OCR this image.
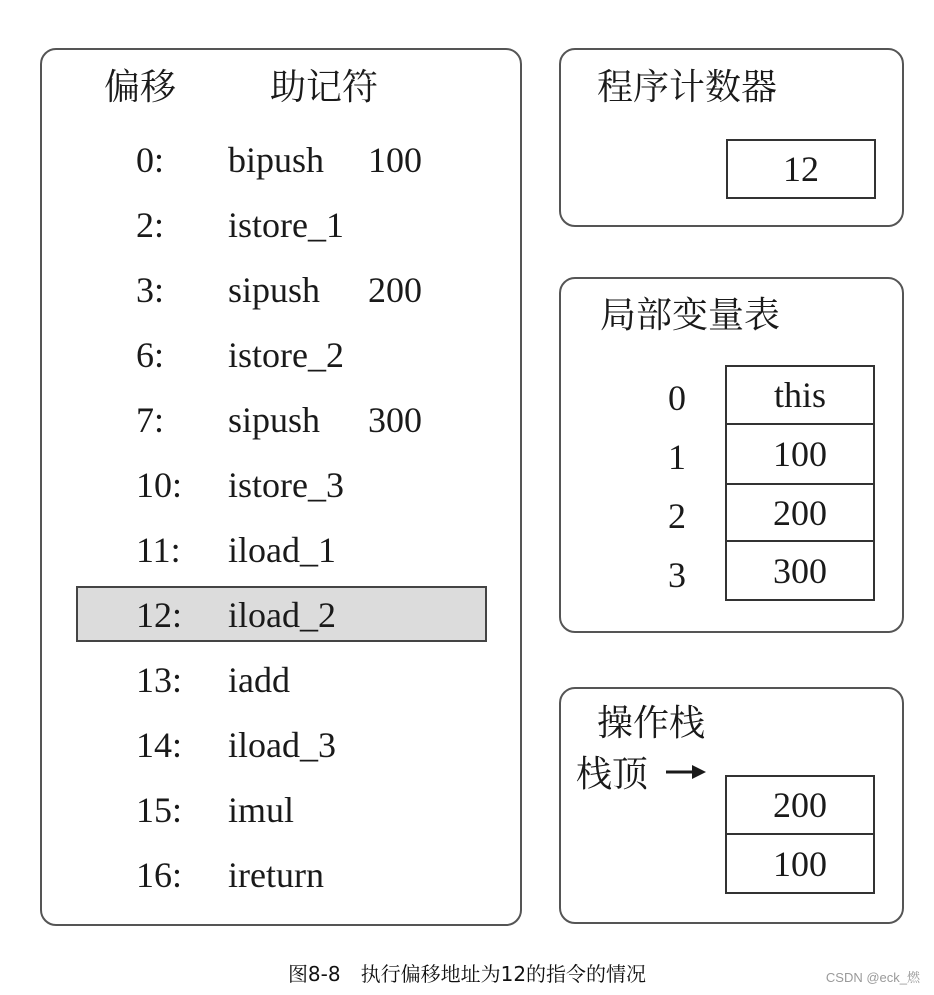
偏移	助记符
0: bipush 100
2: istore_1
3: sipush 200
6: istore_2
7: sipush 300
10: istore_3
11: iload_1
12: iload_2
13: iadd
14: iload_3
15: imul
16: ireturn
程序计数器
12
局部变量表
0	this
1	100
2	200
3	300
操作栈
栈顶
200
100
图8-8　执行偏移地址为12的指令的情况	CSDN @eck_燃
